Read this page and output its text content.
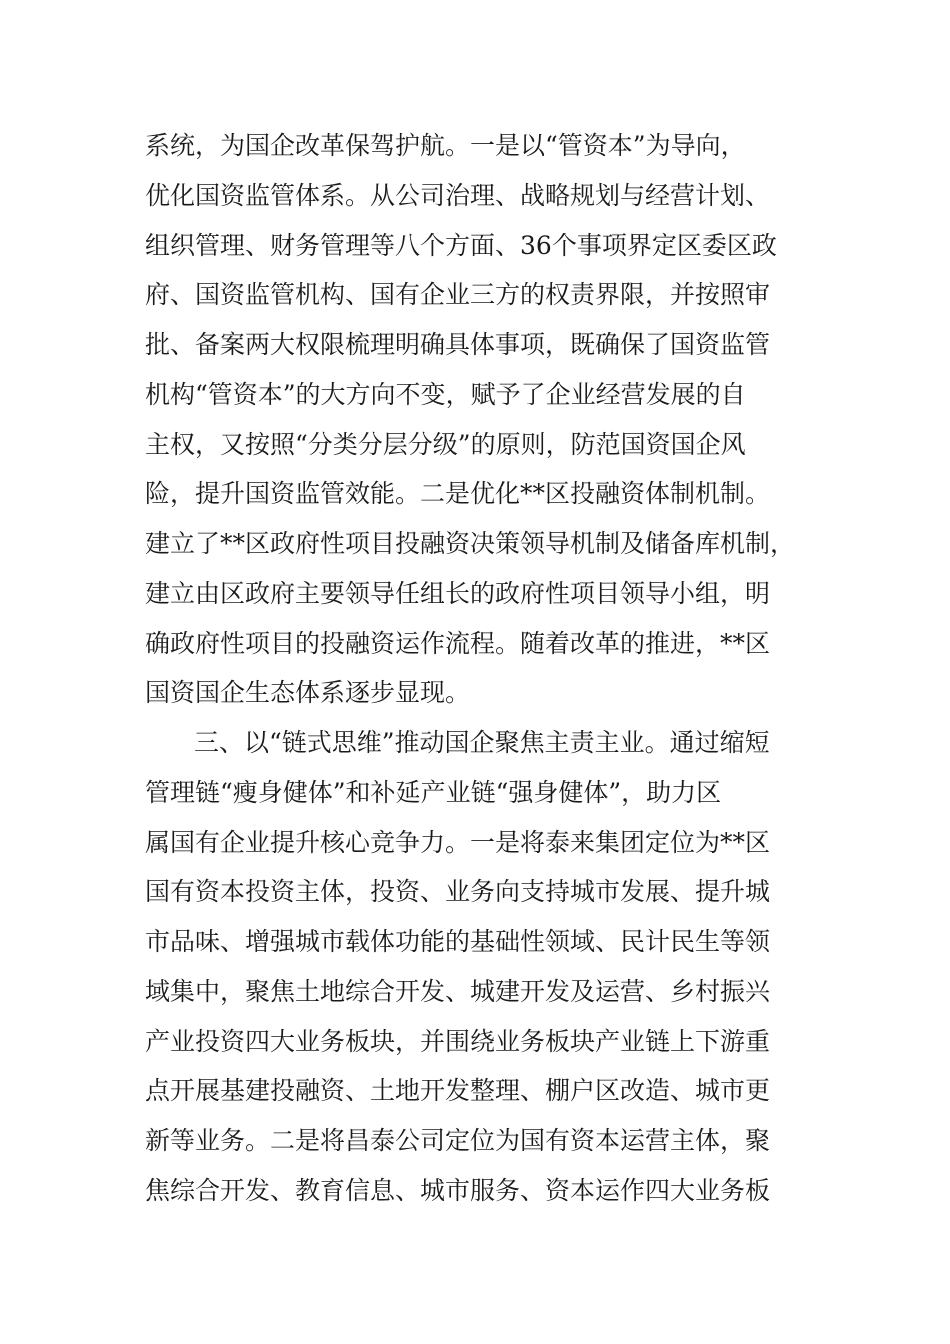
系统，为国企改革保驾护航。一是以“管资本”为导向，

优化国资监管体系。从公司治理、战略规划与经营计划、

组织管理、财务管理等八个方面、36个事项界定区委区政

府、国资监管机构、国有企业三方的权责界限，并按照审

批、备案两大权限梳理明确具体事项，既确保了国资监管

机构“管资本”的大方向不变，赋予了企业经营发展的自

主权，又按照“分类分层分级”的原则，防范国资国企风

险，提升国资监管效能。二是优化**区投融资体制机制。

建立了**区政府性项目投融资决策领导机制及储备库机制，

建立由区政府主要领导任组长的政府性项目领导小组，明

确政府性项目的投融资运作流程。随着改革的推进，**区

国资国企生态体系逐步显现。

三、以“链式思维”推动国企聚焦主责主业。通过缩短

管理链“瘦身健体”和补延产业链“强身健体”，助力区

属国有企业提升核心竞争力。一是将泰来集团定位为**区

国有资本投资主体，投资、业务向支持城市发展、提升城

市品味、增强城市载体功能的基础性领域、民计民生等领

域集中，聚焦土地综合开发、城建开发及运营、乡村振兴

产业投资四大业务板块，并围绕业务板块产业链上下游重

点开展基建投融资、土地开发整理、棚户区改造、城市更

新等业务。二是将昌泰公司定位为国有资本运营主体，聚

焦综合开发、教育信息、城市服务、资本运作四大业务板
